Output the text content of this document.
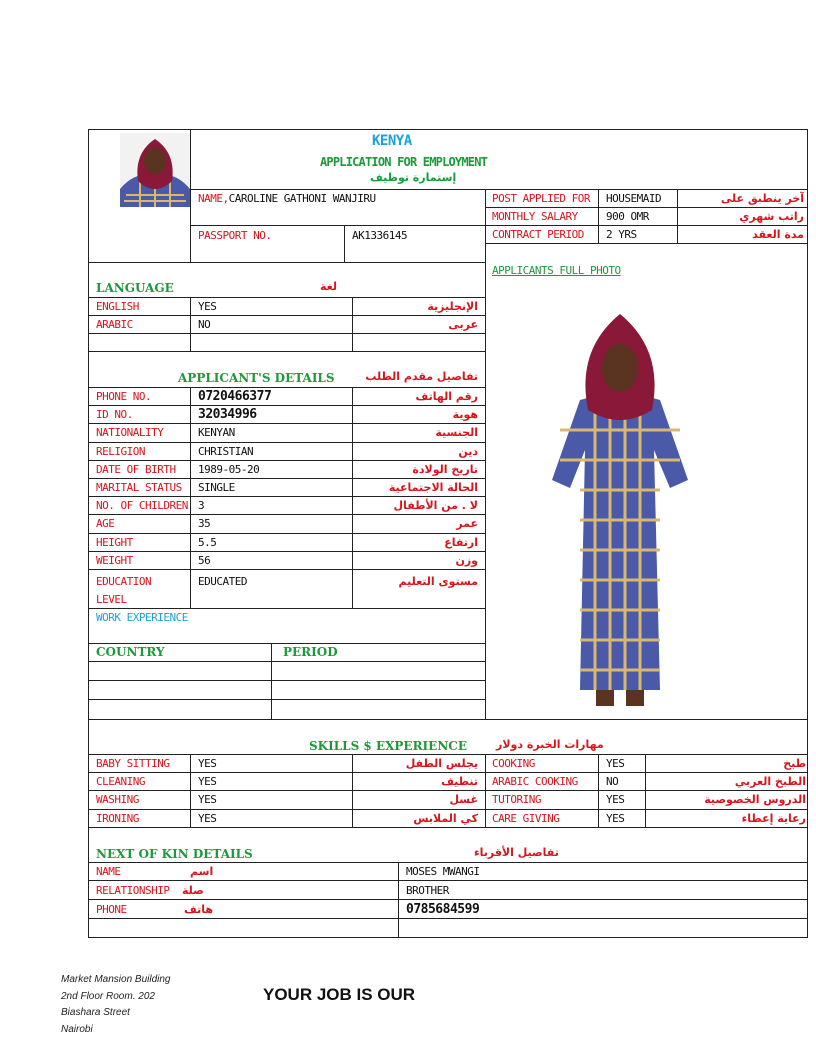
KENYA
APPLICATION FOR EMPLOYMENT
إستمارة توظيف
NAME,CAROLINE GATHONI WANJIRU
PASSPORT NO.	AK1336145
POST APPLIED FOR HOUSEMAID	آخر ينطبق على
MONTHLY SALARY	900 OMR	راتب شهري
CONTRACT PERIOD 2 YRS	مدة العقد
APPLICANTS FULL PHOTO
LANGUAGE	لغة
ENGLISH	YES	الإنجليزية
ARABIC	NO	عربى
APPLICANT'S DETAILS	تفاصيل مقدم الطلب
PHONE NO.	0720466377	رقم الهاتف
ID NO.	32034996	هوية
NATIONALITY	KENYAN	الجنسية
RELIGION	CHRISTIAN	دين
DATE OF BIRTH 1989-05-20	تاريخ الولادة
MARITAL STATUS SINGLE	الحالة الاجتماعية
NO. OF CHILDREN 3	لا . من الأطفال
AGE	35	عمر
HEIGHT	5.5	ارتفاع
WEIGHT	56	وزن
EDUCATION
LEVEL
EDUCATED	مستوى التعليم
WORK EXPERIENCE
COUNTRY	PERIOD
SKILLS $ EXPERIENCE	مهارات الخبرة دولار
BABY SITTING	YES	يجلس الطفل COOKING	YES	طبخ
CLEANING	YES	تنظيف ARABIC COOKING	NO	الطبخ العربي
WASHING	YES	غسل TUTORING	YES	الدروس الخصوصية
IRONING	YES	كي الملابس CARE GIVING	YES	رعاية إعطاء
NEXT OF KIN DETAILS	تفاصيل الأقرباء
NAME	اسم	MOSES MWANGI
RELATIONSHIP صلة	BROTHER
PHONE	هاتف	0785684599
Market Mansion Building
2nd Floor Room. 202
Biashara Street
Nairobi
YOUR JOB IS OUR
